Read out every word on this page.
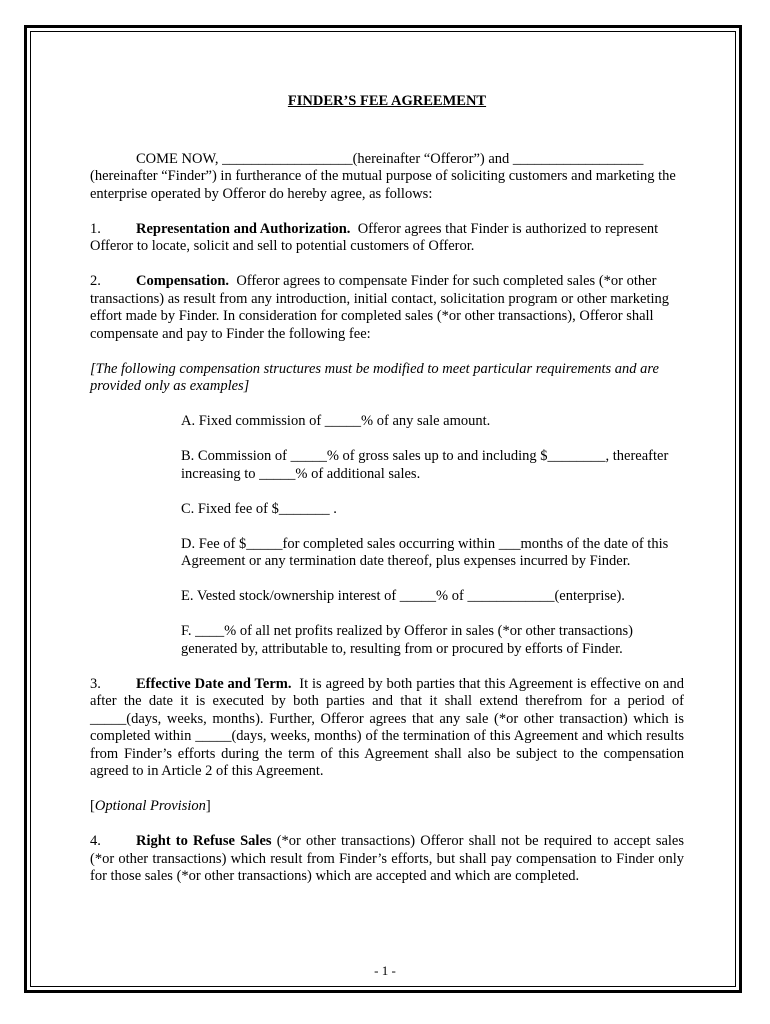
FINDER’S FEE AGREEMENT

COME NOW, __________________(hereinafter “Offeror”) and __________________ (hereinafter “Finder”) in furtherance of the mutual purpose of soliciting customers and marketing the enterprise operated by Offeror do hereby agree, as follows:

1. Representation and Authorization. Offeror agrees that Finder is authorized to represent Offeror to locate, solicit and sell to potential customers of Offeror.

2. Compensation. Offeror agrees to compensate Finder for such completed sales (*or other transactions) as result from any introduction, initial contact, solicitation program or other marketing effort made by Finder. In consideration for completed sales (*or other transactions), Offeror shall compensate and pay to Finder the following fee:

[The following compensation structures must be modified to meet particular requirements and are provided only as examples]

A. Fixed commission of _____% of any sale amount.
B. Commission of _____% of gross sales up to and including $________, thereafter increasing to _____% of additional sales.
C. Fixed fee of $_______ .
D. Fee of $_____for completed sales occurring within ___months of the date of this Agreement or any termination date thereof, plus expenses incurred by Finder.
E. Vested stock/ownership interest of _____% of ____________(enterprise).
F. ____% of all net profits realized by Offeror in sales (*or other transactions) generated by, attributable to, resulting from or procured by efforts of Finder.

3. Effective Date and Term. It is agreed by both parties that this Agreement is effective on and after the date it is executed by both parties and that it shall extend therefrom for a period of _____(days, weeks, months). Further, Offeror agrees that any sale (*or other transaction) which is completed within _____(days, weeks, months) of the termination of this Agreement and which results from Finder’s efforts during the term of this Agreement shall also be subject to the compensation agreed to in Article 2 of this Agreement.

[Optional Provision]

4. Right to Refuse Sales (*or other transactions) Offeror shall not be required to accept sales (*or other transactions) which result from Finder’s efforts, but shall pay compensation to Finder only for those sales (*or other transactions) which are accepted and which are completed.

- 1 -
